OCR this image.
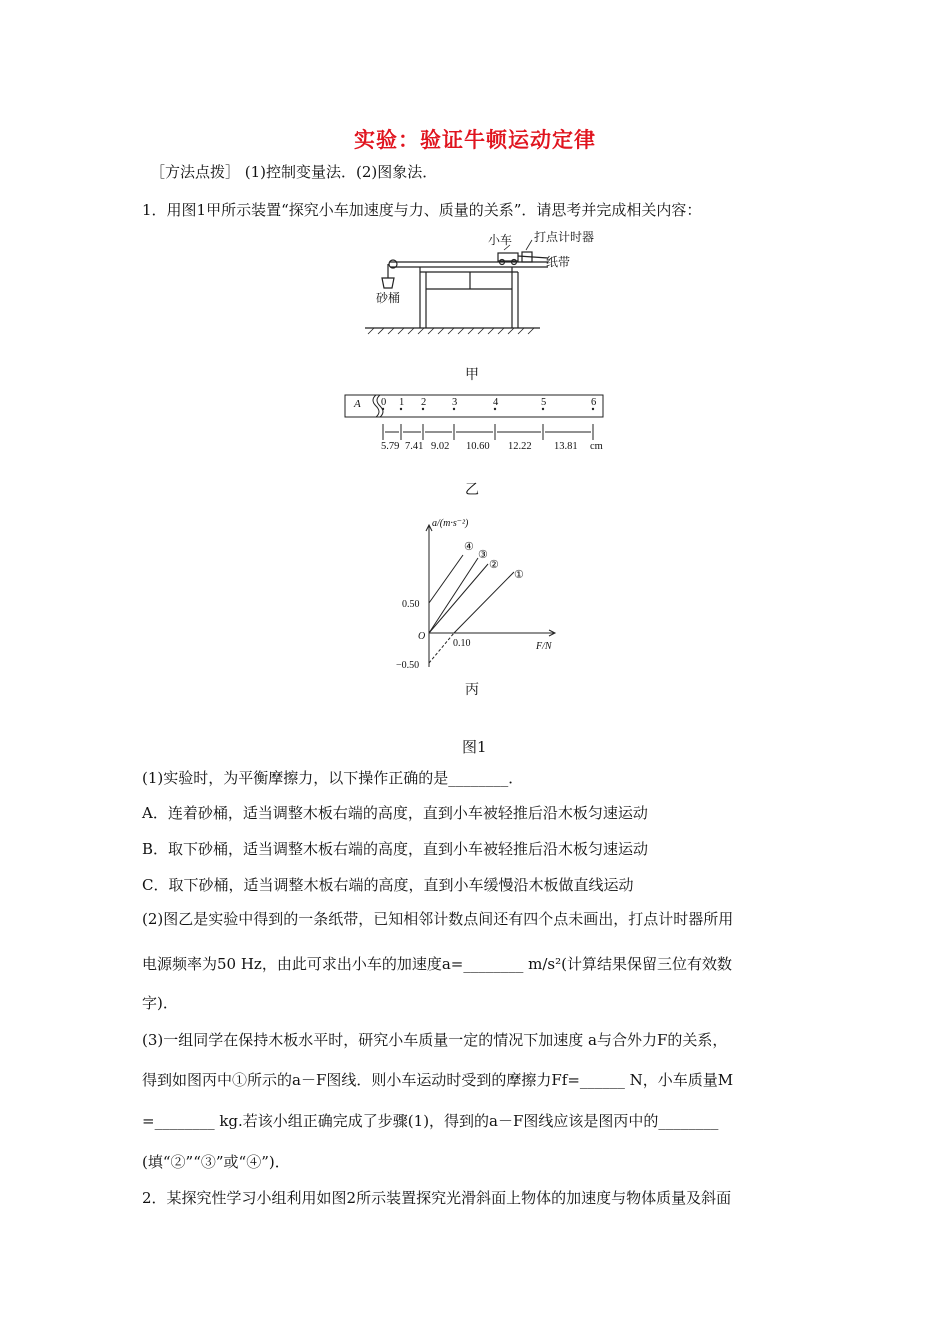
实验：验证牛顿运动定律
［方法点拨］ (1)控制变量法．(2)图象法．
1．用图1甲所示装置“探究小车加速度与力、质量的关系”．请思考并完成相关内容：
小车 打点计时器
纸带
砂桶
甲
A 0 1 2 3	4	5	6
5.79 7.41 9.02 10.60 12.22 13.81 cm
乙
a/(m·s⁻²)
F/N
O
0.50
−0.50
0.10
①
②
③
④
丙
图1
(1)实验时，为平衡摩擦力，以下操作正确的是________．
A．连着砂桶，适当调整木板右端的高度，直到小车被轻推后沿木板匀速运动
B．取下砂桶，适当调整木板右端的高度，直到小车被轻推后沿木板匀速运动
C．取下砂桶，适当调整木板右端的高度，直到小车缓慢沿木板做直线运动
(2)图乙是实验中得到的一条纸带，已知相邻计数点间还有四个点未画出，打点计时器所用
电源频率为50 Hz，由此可求出小车的加速度a=________ m/s²(计算结果保留三位有效数
字)．
(3)一组同学在保持木板水平时，研究小车质量一定的情况下加速度 a与合外力F的关系，
得到如图丙中①所示的a－F图线．则小车运动时受到的摩擦力Ff=______ N，小车质量M
=________ kg.若该小组正确完成了步骤(1)，得到的a－F图线应该是图丙中的________
(填“②”“③”或“④”)．
2．某探究性学习小组利用如图2所示装置探究光滑斜面上物体的加速度与物体质量及斜面
